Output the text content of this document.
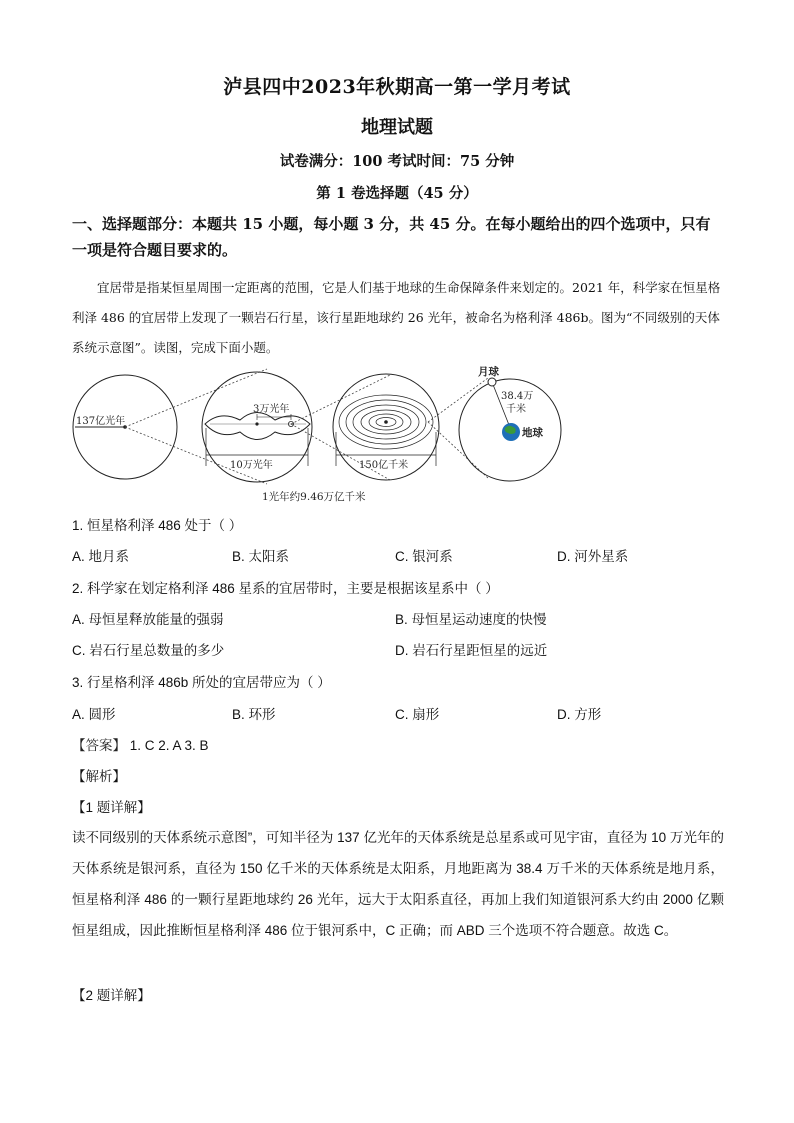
泸县四中2023年秋期高一第一学月考试
地理试题
试卷满分：100 考试时间：75 分钟
第 1 卷选择题（45 分）
一、选择题部分：本题共 15 小题，每小题 3 分，共 45 分。在每小题给出的四个选项中，只有一项是符合题目要求的。
宜居带是指某恒星周围一定距离的范围，它是人们基于地球的生命保障条件来划定的。2021 年，科学家在恒星格利泽 486 的宜居带上发现了一颗岩石行星，该行星距地球约 26 光年，被命名为格利泽 486b。图为“不同级别的天体系统示意图”。读图，完成下面小题。
137亿光年
3万光年
10万光年	150亿千米
月球
38.4万
千米
地球
1光年约9.46万亿千米
1. 恒星格利泽 486 处于（ ）
A. 地月系	B. 太阳系	C. 银河系	D. 河外星系
2. 科学家在划定格利泽 486 星系的宜居带时，主要是根据该星系中（ ）
A. 母恒星释放能量的强弱	B. 母恒星运动速度的快慢
C. 岩石行星总数量的多少	D. 岩石行星距恒星的远近
3. 行星格利泽 486b 所处的宜居带应为（ ）
A. 圆形	B. 环形	C. 扇形	D. 方形
【答案】 1. C 2. A 3. B
【解析】
【1 题详解】
读不同级别的天体系统示意图”，可知半径为 137 亿光年的天体系统是总星系或可见宇宙，直径为 10 万光年的天体系统是银河系，直径为 150 亿千米的天体系统是太阳系，月地距离为 38.4 万千米的天体系统是地月系，恒星格利泽 486 的一颗行星距地球约 26 光年，远大于太阳系直径，再加上我们知道银河系大约由 2000 亿颗恒星组成，因此推断恒星格利泽 486 位于银河系中，C 正确；而 ABD 三个选项不符合题意。故选 C。
【2 题详解】
